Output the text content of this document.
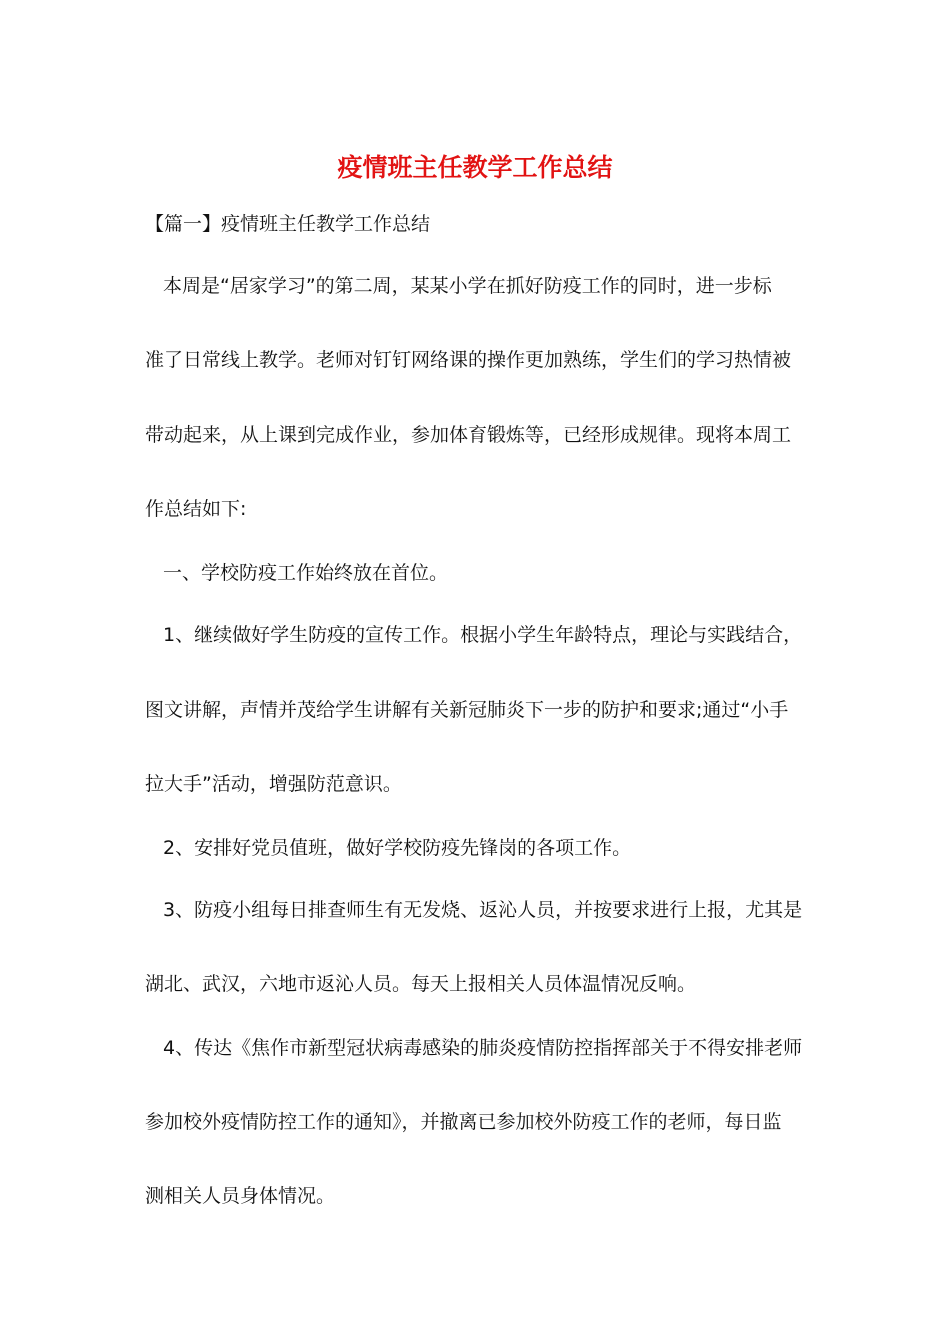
疫情班主任教学工作总结
【篇一】疫情班主任教学工作总结
本周是“居家学习”的第二周，某某小学在抓好防疫工作的同时，进一步标
准了日常线上教学。老师对钉钉网络课的操作更加熟练，学生们的学习热情被
带动起来，从上课到完成作业，参加体育锻炼等，已经形成规律。现将本周工
作总结如下:
一、学校防疫工作始终放在首位。
1、继续做好学生防疫的宣传工作。根据小学生年龄特点，理论与实践结合，
图文讲解，声情并茂给学生讲解有关新冠肺炎下一步的防护和要求;通过“小手
拉大手”活动，增强防范意识。
2、安排好党员值班，做好学校防疫先锋岗的各项工作。
3、防疫小组每日排查师生有无发烧、返沁人员，并按要求进行上报，尤其是
湖北、武汉，六地市返沁人员。每天上报相关人员体温情况反响。
4、传达《焦作市新型冠状病毒感染的肺炎疫情防控指挥部关于不得安排老师
参加校外疫情防控工作的通知》，并撤离已参加校外防疫工作的老师，每日监
测相关人员身体情况。
